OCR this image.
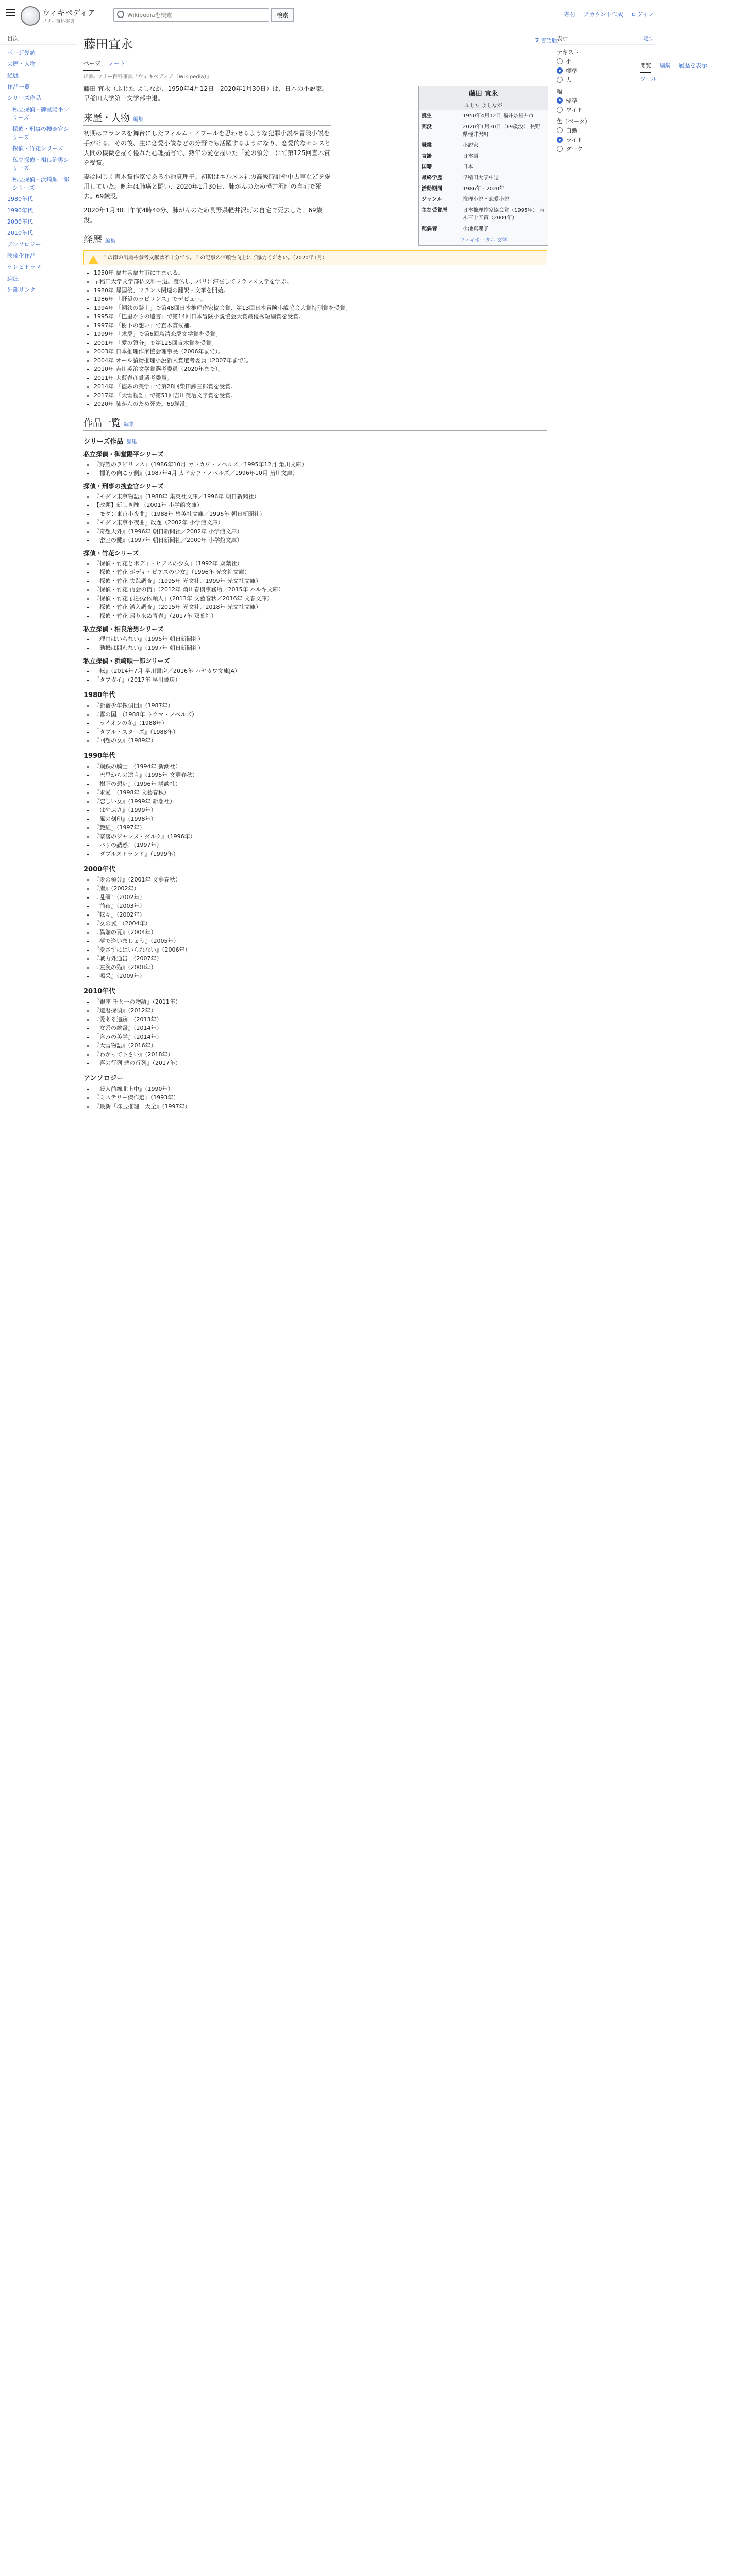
ウィキペディア
フリー百科事典
Wikipediaを検索
検索	寄付 アカウント作成 ログイン
目次
ページ先頭
来歴・人物
経歴
作品一覧
シリーズ作品
私立探偵・御堂陽平シリーズ
探偵・刑事の捜査官シリーズ
探偵・竹花シリーズ
私立探偵・相良治男シリーズ
私立探偵・浜崎順一郎シリーズ
1980年代
1990年代
2000年代
2010年代
アンソロジー
映像化作品
テレビドラマ
脚注
外部リンク
藤田宜永	7 言語版
ページ ノート	閲覧 編集 履歴を表示 ツール
出典: フリー百科事典『ウィキペディア（Wikipedia）』

藤田 宜永（ふじた よしなが、1950年4月12日 - 2020年1月30日）は、日本の小説家。早稲田大学第一文学部中退。

来歴・人物 編集

初期はフランスを舞台にしたフィルム・ノワールを思わせるような犯罪小説や冒険小説を手がける。その後、主に恋愛小説などの分野でも活躍するようになり、恋愛的なセンスと人間の機微を描く優れた心理描写で、熟年の愛を描いた「愛の領分」にて第125回直木賞を受賞。

妻は同じく直木賞作家である小池真理子。初期はエルメス社の高級時計や中古車などを愛用していた。晩年は肺癌と闘い、2020年1月30日、肺がんのため軽井沢町の自宅で死去。69歳没。

2020年1月30日午前4時40分、肺がんのため長野県軽井沢町の自宅で死去した。69歳没。

経歴 編集
この節の出典や参考文献は不十分です。この記事の信頼性向上にご協力ください。（2020年1月）
• 1950年 福井県福井市に生まれる。
• 早稲田大学文学部仏文科中退。渡仏し、パリに滞在してフランス文学を学ぶ。
• 1980年 帰国後、フランス関連の翻訳・文筆を開始。
• 1986年 「野望のラビリンス」でデビュー。
• 1994年 「鋼鉄の騎士」で第48回日本推理作家協会賞、第13回日本冒険小説協会大賞特別賞を受賞。
• 1995年 「巴里からの遺言」で第14回日本冒険小説協会大賞最優秀短編賞を受賞。
• 1997年 「樹下の想い」で直木賞候補。
• 1999年 「求愛」で第6回島清恋愛文学賞を受賞。
• 2001年 「愛の領分」で第125回直木賞を受賞。
• 2003年 日本推理作家協会理事長（2006年まで）。
• 2004年 オール讀物推理小説新人賞選考委員（2007年まで）。
• 2010年 吉川英治文学賞選考委員（2020年まで）。
• 2011年 大藪春彦賞選考委員。
• 2014年 「盗みの美学」で第28回柴田錬三郎賞を受賞。
• 2017年 「大雪物語」で第51回吉川英治文学賞を受賞。
• 2020年 肺がんのため死去。69歳没。
作品一覧 編集
シリーズ作品 編集
私立探偵・御堂陽平シリーズ
• 『野望のラビリンス』（1986年10月 カドカワ・ノベルズ／1995年12月 角川文庫）
• 『標的の向こう側』（1987年4月 カドカワ・ノベルズ／1996年10月 角川文庫）
探偵・刑事の捜査官シリーズ
• 『モダン東京物語』（1988年 集英社文庫／1996年 朝日新聞社）
• 【改題】新しき醜 （2001年 小学館文庫）
• 『モダン東京小夜曲』（1988年 集英社文庫／1996年 朝日新聞社）
• 『モダン東京小夜曲』改題（2002年 小学館文庫）
• 『奇想天外』（1996年 朝日新聞社／2002年 小学館文庫）
• 『密室の鍵』（1997年 朝日新聞社／2000年 小学館文庫）
探偵・竹花シリーズ
• 『探偵・竹花とボディ・ピアスの少女』（1992年 双葉社）
• 『探偵・竹花 ボディ・ピアスの少女』（1996年 光文社文庫）
• 『探偵・竹花 失踪調査』（1995年 光文社／1999年 光文社文庫）
• 『探偵・竹花 再会の街』（2012年 角川春樹事務所／2015年 ハルキ文庫）
• 『探偵・竹花 孤独な依頼人』（2013年 文藝春秋／2016年 文春文庫）
• 『探偵・竹花 潜入調査』（2015年 光文社／2018年 光文社文庫）
• 『探偵・竹花 帰り来ぬ青春』（2017年 双葉社）
私立探偵・相良治男シリーズ
• 『理由はいらない』（1995年 朝日新聞社）
• 『動機は問わない』（1997年 朝日新聞社）
私立探偵・浜崎順一郎シリーズ
• 『転』（2014年7月 早川書房／2016年 ハヤカワ文庫JA）
• 『タフガイ』（2017年 早川書房）
1980年代
• 『新宿少年探偵団』（1987年）
• 『霧の国』（1988年 トクマ・ノベルズ）
• 『ライオンの冬』（1988年）
• 『タブル・スターズ』（1988年）
• 『回想の女』（1989年）
1990年代
• 『鋼鉄の騎士』（1994年 新潮社）
• 『巴里からの遺言』（1995年 文藝春秋）
• 『樹下の想い』（1996年 講談社）
• 『求愛』（1998年 文藝春秋）
• 『恋しい女』（1999年 新潮社）
• 『はやぶさ』（1999年）
• 『風の刻印』（1998年）
• 『艶紅』（1997年）
• 『奈落のジャンヌ・ダルク』（1996年）
• 『パリの誘惑』（1997年）
• 『ダブルストランド』（1999年）
2000年代
• 『愛の領分』（2001年 文藝春秋）
• 『虜』（2002年）
• 『乱調』（2002年）
• 『前夜』（2003年）
• 『転々』（2002年）
• 『女の翼』（2004年）
• 『異端の夏』（2004年）
• 『夢で逢いましょう』（2005年）
• 『愛さずにはいられない』（2006年）
• 『戦力外通告』（2007年）
• 『左腕の猫』（2008年）
• 『喝采』（2009年）
2010年代
• 『銀座 千と一の物語』（2011年）
• 『還暦探偵』（2012年）
• 『愛ある追跡』（2013年）
• 『女系の総督』（2014年）
• 『盗みの美学』（2014年）
• 『大雪物語』（2016年）
• 『わかって下さい』（2018年）
• 『喜の行列 悲の行列』（2017年）
アンソロジー
• 『殺人前線北上中』（1990年）
• 『ミステリー傑作選』（1993年）
• 『最新「珠玉推理」大全』（1997年）
藤田 宜永
ふじた よしなが
誕生	1950年4月12日 福井県福井市
死没	2020年1月30日（69歳没） 長野県軽井沢町
職業	小説家
言語	日本語
国籍	日本
最終学歴	早稲田大学中退
活動期間	1986年 - 2020年
ジャンル	推理小説・恋愛小説
主な受賞歴	日本推理作家協会賞（1995年） 直木三十五賞（2001年）
配偶者	小池真理子
ウィキポータル 文学
表示	隠す
テキスト
小
標準
大
幅
標準
ワイド
色（ベータ）
自動
ライト
ダーク
